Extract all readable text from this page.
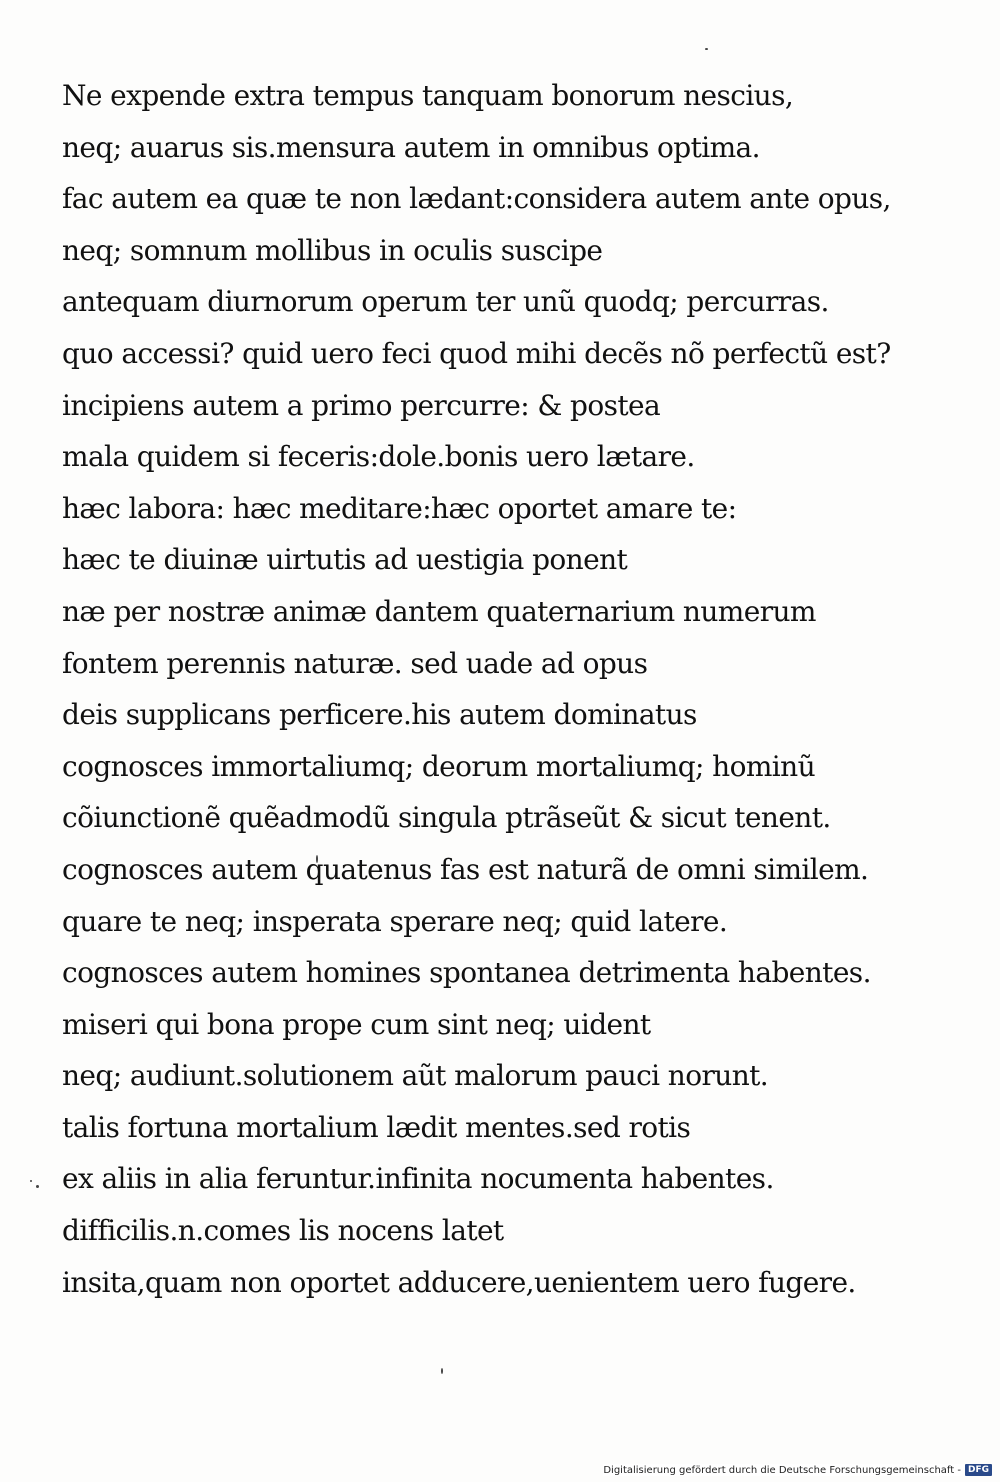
Ne expende extra tempus tanquam bonorum nescius,
neq; auarus sis.mensura autem in omnibus optima.
fac autem ea quæ te non lædant:considera autem ante opus,
neq; somnum mollibus in oculis suscipe
antequam diurnorum operum ter unũ quodq; percurras.
quo accessi? quid uero feci quod mihi decẽs nõ perfectũ est?
incipiens autem a primo percurre: & postea
mala quidem si feceris:dole.bonis uero lætare.
hæc labora: hæc meditare:hæc oportet amare te:
hæc te diuinæ uirtutis ad uestigia ponent
næ per nostræ animæ dantem quaternarium numerum
fontem perennis naturæ. sed uade ad opus
deis supplicans perficere.his autem dominatus
cognosces immortaliumq; deorum mortaliumq; hominũ
cõiunctionẽ quẽadmodũ singula ptrãseũt & sicut tenent.
cognosces autem quatenus fas est naturã de omni similem.
quare te neq; insperata sperare neq; quid latere.
cognosces autem homines spontanea detrimenta habentes.
miseri qui bona prope cum sint neq; uident
neq; audiunt.solutionem aũt malorum pauci norunt.
talis fortuna mortalium lædit mentes.sed rotis
ex aliis in alia feruntur.infinita nocumenta habentes.
difficilis.n.comes lis nocens latet
insita,quam non oportet adducere,uenientem uero fugere.
Digitalisierung gefördert durch die Deutsche Forschungsgemeinschaft - DFG
